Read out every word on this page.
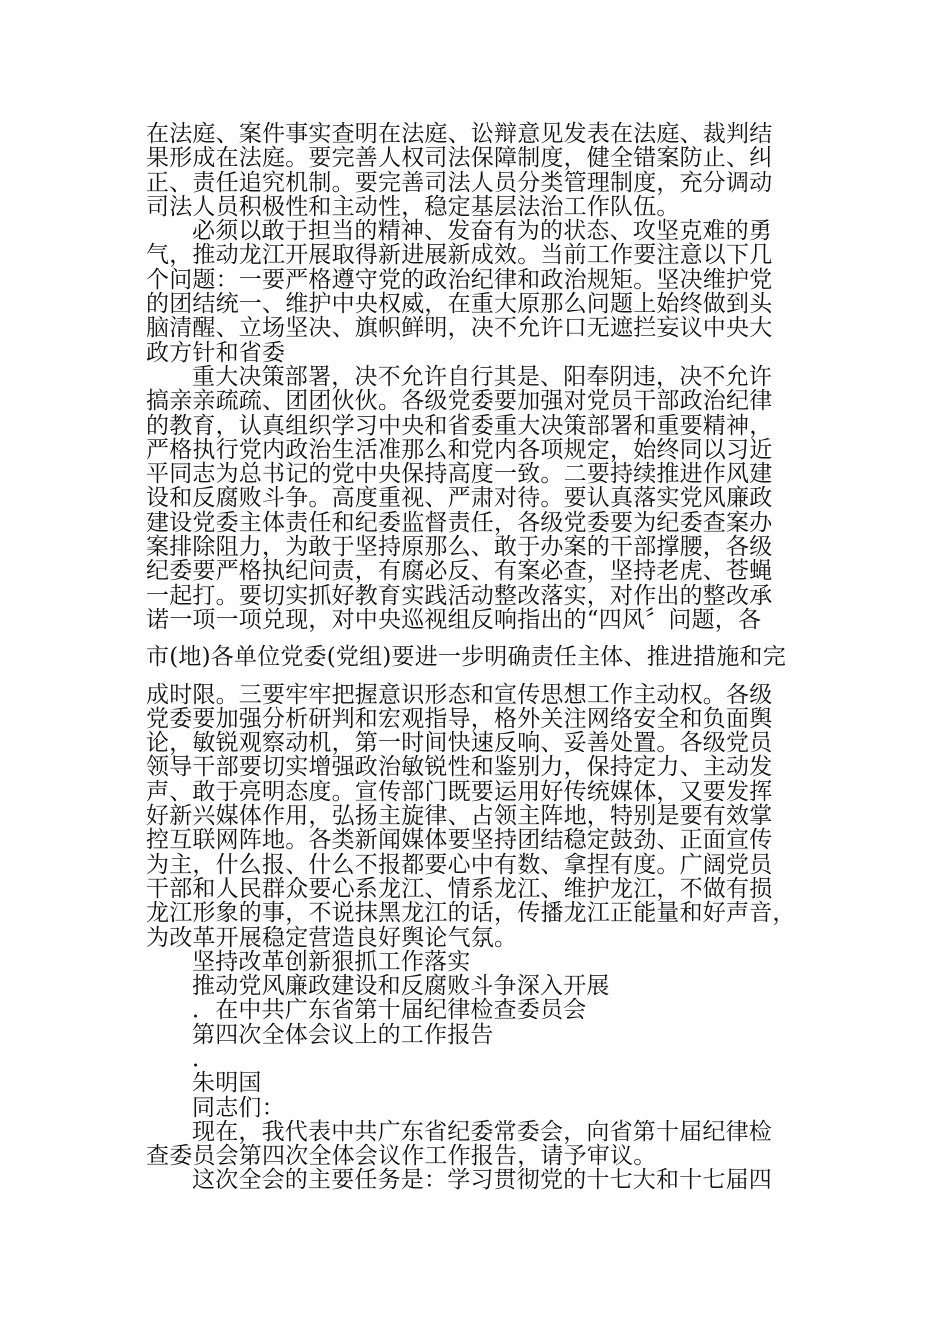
在法庭、案件事实查明在法庭、讼辩意见发表在法庭、裁判结
果形成在法庭。要完善人权司法保障制度，健全错案防止、纠
正、责任追究机制。要完善司法人员分类管理制度，充分调动
司法人员积极性和主动性，稳定基层法治工作队伍。
必须以敢于担当的精神、发奋有为的状态、攻坚克难的勇
气，推动龙江开展取得新进展新成效。当前工作要注意以下几
个问题：一要严格遵守党的政治纪律和政治规矩。坚决维护党
的团结统一、维护中央权威，在重大原那么问题上始终做到头
脑清醒、立场坚决、旗帜鲜明，决不允许口无遮拦妄议中央大
政方针和省委
重大决策部署，决不允许自行其是、阳奉阴违，决不允许
搞亲亲疏疏、团团伙伙。各级党委要加强对党员干部政治纪律
的教育，认真组织学习中央和省委重大决策部署和重要精神，
严格执行党内政治生活准那么和党内各项规定，始终同以习近
平同志为总书记的党中央保持高度一致。二要持续推进作风建
设和反腐败斗争。高度重视、严肃对待。要认真落实党风廉政
建设党委主体责任和纪委监督责任，各级党委要为纪委查案办
案排除阻力，为敢于坚持原那么、敢于办案的干部撑腰，各级
纪委要严格执纪问责，有腐必反、有案必查，坚持老虎、苍蝇
一起打。要切实抓好教育实践活动整改落实，对作出的整改承
诺一项一项兑现，对中央巡视组反响指出的“四风〞问题，各
市(地)各单位党委(党组)要进一步明确责任主体、推进措施和完
成时限。三要牢牢把握意识形态和宣传思想工作主动权。各级
党委要加强分析研判和宏观指导，格外关注网络安全和负面舆
论，敏锐观察动机，第一时间快速反响、妥善处置。各级党员
领导干部要切实增强政治敏锐性和鉴别力，保持定力、主动发
声、敢于亮明态度。宣传部门既要运用好传统媒体，又要发挥
好新兴媒体作用，弘扬主旋律、占领主阵地，特别是要有效掌
控互联网阵地。各类新闻媒体要坚持团结稳定鼓劲、正面宣传
为主，什么报、什么不报都要心中有数、拿捏有度。广阔党员
干部和人民群众要心系龙江、情系龙江、维护龙江，不做有损
龙江形象的事，不说抹黑龙江的话，传播龙江正能量和好声音，
为改革开展稳定营造良好舆论气氛。
坚持改革创新狠抓工作落实
推动党风廉政建设和反腐败斗争深入开展
．在中共广东省第十届纪律检查委员会
第四次全体会议上的工作报告
．
朱明国
同志们：
现在，我代表中共广东省纪委常委会，向省第十届纪律检
查委员会第四次全体会议作工作报告，请予审议。
这次全会的主要任务是：学习贯彻党的十七大和十七届四
